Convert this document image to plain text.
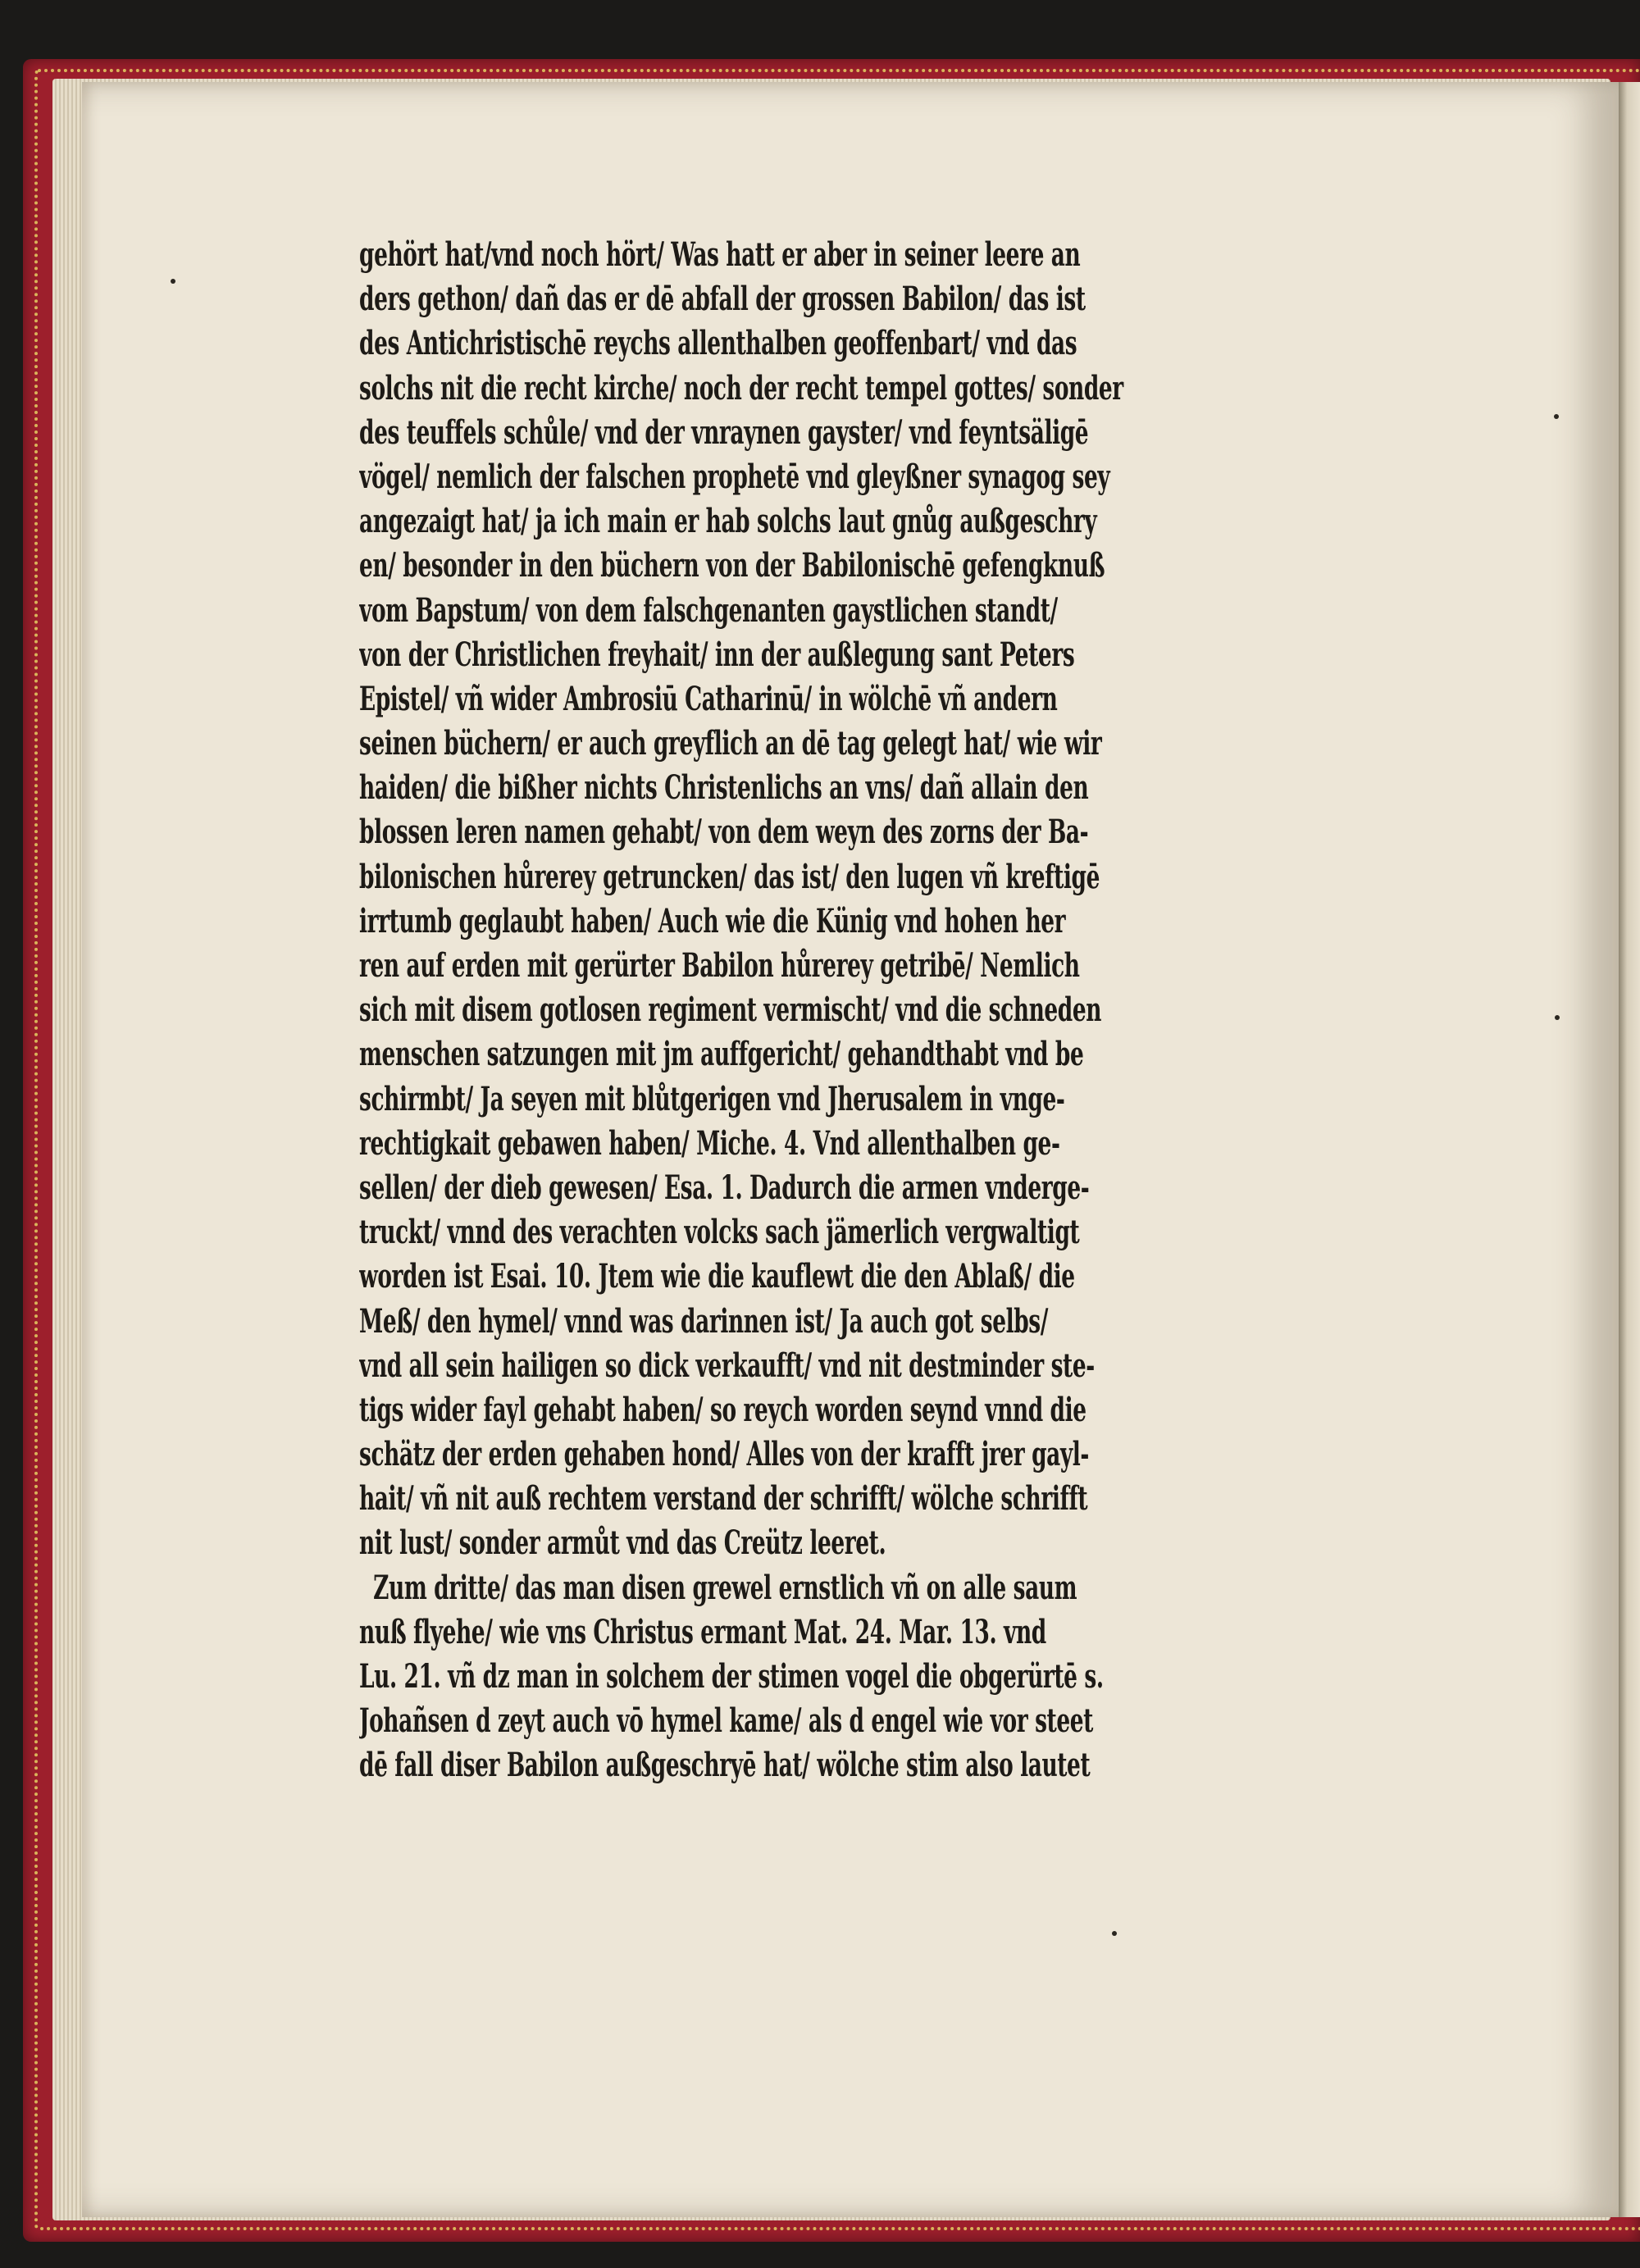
gehört hat/vnd noch hört/ Was hatt er aber in seiner leere an
ders gethon/ dañ das er dē abfall der grossen Babilon/ das ist
des Antichristischē reychs allenthalben geoffenbart/ vnd das
solchs nit die recht kirche/ noch der recht tempel gottes/ sonder
des teuffels schůle/ vnd der vnraynen gayster/ vnd feyntsäligē
vögel/ nemlich der falschen prophetē vnd gleyßner synagog sey
angezaigt hat/ ja ich main er hab solchs laut gnůg außgeschry
en/ besonder in den büchern von der Babilonischē gefengknuß
vom Bapstum/ von dem falschgenanten gaystlichen standt/
von der Christlichen freyhait/ inn der außlegung sant Peters
Epistel/ vñ wider Ambrosiū Catharinū/ in wölchē vñ andern
seinen büchern/ er auch greyflich an dē tag gelegt hat/ wie wir
haiden/ die bißher nichts Christenlichs an vns/ dañ allain den
blossen leren namen gehabt/ von dem weyn des zorns der Ba-
bilonischen hůrerey getruncken/ das ist/ den lugen vñ kreftigē
irrtumb geglaubt haben/ Auch wie die Künig vnd hohen her
ren auf erden mit gerürter Babilon hůrerey getribē/ Nemlich
sich mit disem gotlosen regiment vermischt/ vnd die schneden
menschen satzungen mit jm auffgericht/ gehandthabt vnd be
schirmbt/ Ja seyen mit blůtgerigen vnd Jherusalem in vnge-
rechtigkait gebawen haben/ Miche. 4. Vnd allenthalben ge-
sellen/ der dieb gewesen/ Esa. 1. Dadurch die armen vnderge-
truckt/ vnnd des verachten volcks sach jämerlich vergwaltigt
worden ist Esai. 10. Jtem wie die kauflewt die den Ablaß/ die
Meß/ den hymel/ vnnd was darinnen ist/ Ja auch got selbs/
vnd all sein hailigen so dick verkaufft/ vnd nit destminder ste-
tigs wider fayl gehabt haben/ so reych worden seynd vnnd die
schätz der erden gehaben hond/ Alles von der krafft jrer gayl-
hait/ vñ nit auß rechtem verstand der schrifft/ wölche schrifft
nit lust/ sonder armůt vnd das Creütz leeret.
Zum dritte/ das man disen grewel ernstlich vñ on alle saum
nuß flyehe/ wie vns Christus ermant Mat. 24. Mar. 13. vnd
Lu. 21. vñ dz man in solchem der stimen vogel die obgerürtē s.
Johañsen d zeyt auch vō hymel kame/ als d engel wie vor steet
dē fall diser Babilon außgeschryē hat/ wölche stim also lautet
